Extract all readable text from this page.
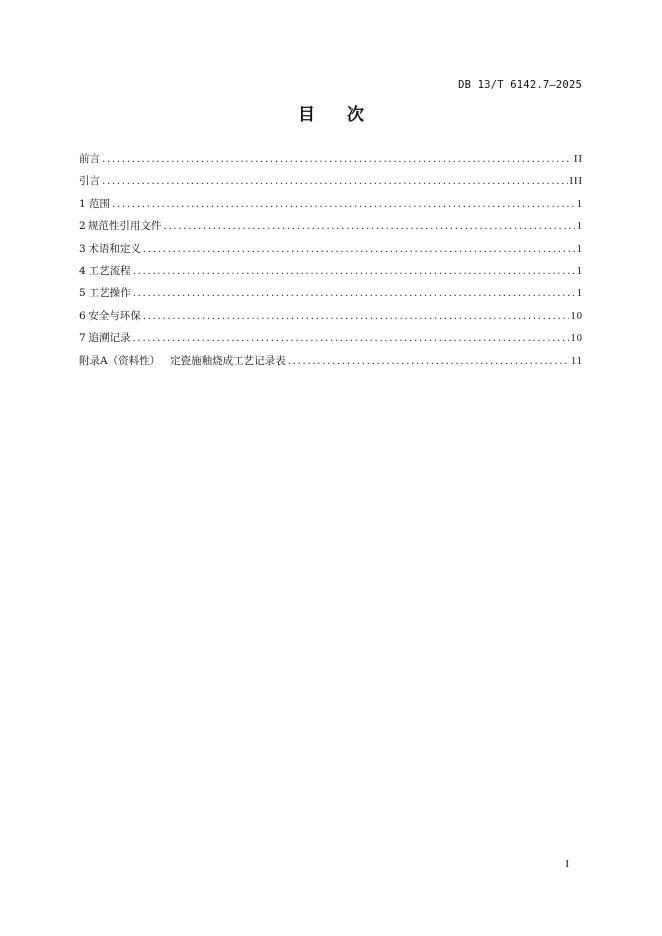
DB 13/T 6142.7—2025
目 次
前言 .....	II
引言 .....	III
1 范围 .....	1
2 规范性引用文件 .....	1
3 术语和定义 .....	1
4 工艺流程 .....	1
5 工艺操作 .....	1
6 安全与环保 .....	10
7 追溯记录 .....	10
附录A（资料性） 定瓷施釉烧成工艺记录表 .....	11
I
